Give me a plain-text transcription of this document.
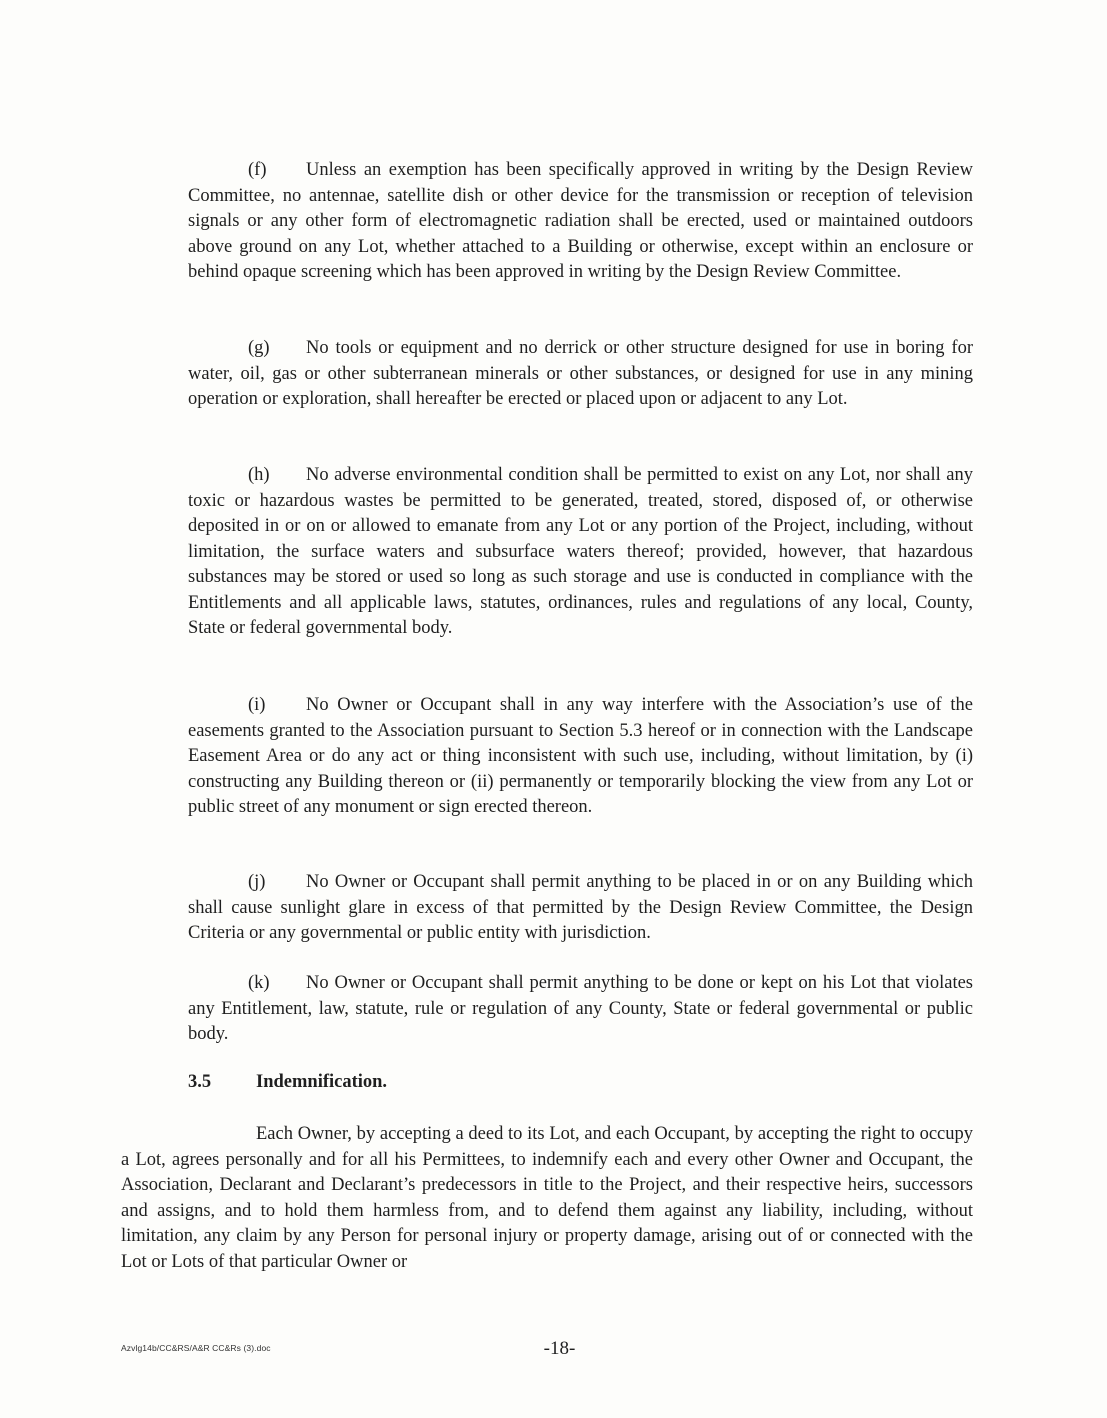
(f) Unless an exemption has been specifically approved in writing by the Design Review Committee, no antennae, satellite dish or other device for the transmission or reception of television signals or any other form of electromagnetic radiation shall be erected, used or maintained outdoors above ground on any Lot, whether attached to a Building or otherwise, except within an enclosure or behind opaque screening which has been approved in writing by the Design Review Committee.

(g) No tools or equipment and no derrick or other structure designed for use in boring for water, oil, gas or other subterranean minerals or other substances, or designed for use in any mining operation or exploration, shall hereafter be erected or placed upon or adjacent to any Lot.

(h) No adverse environmental condition shall be permitted to exist on any Lot, nor shall any toxic or hazardous wastes be permitted to be generated, treated, stored, disposed of, or otherwise deposited in or on or allowed to emanate from any Lot or any portion of the Project, including, without limitation, the surface waters and subsurface waters thereof; provided, however, that hazardous substances may be stored or used so long as such storage and use is conducted in compliance with the Entitlements and all applicable laws, statutes, ordinances, rules and regulations of any local, County, State or federal governmental body.

(i) No Owner or Occupant shall in any way interfere with the Association’s use of the easements granted to the Association pursuant to Section 5.3 hereof or in connection with the Landscape Easement Area or do any act or thing inconsistent with such use, including, without limitation, by (i) constructing any Building thereon or (ii) permanently or temporarily blocking the view from any Lot or public street of any monument or sign erected thereon.

(j) No Owner or Occupant shall permit anything to be placed in or on any Building which shall cause sunlight glare in excess of that permitted by the Design Review Committee, the Design Criteria or any governmental or public entity with jurisdiction.

(k) No Owner or Occupant shall permit anything to be done or kept on his Lot that violates any Entitlement, law, statute, rule or regulation of any County, State or federal governmental or public body.

3.5 Indemnification.

Each Owner, by accepting a deed to its Lot, and each Occupant, by accepting the right to occupy a Lot, agrees personally and for all his Permittees, to indemnify each and every other Owner and Occupant, the Association, Declarant and Declarant’s predecessors in title to the Project, and their respective heirs, successors and assigns, and to hold them harmless from, and to defend them against any liability, including, without limitation, any claim by any Person for personal injury or property damage, arising out of or connected with the Lot or Lots of that particular Owner or

Azvlg14b/CC&RS/A&R CC&Rs (3).doc	-18-
